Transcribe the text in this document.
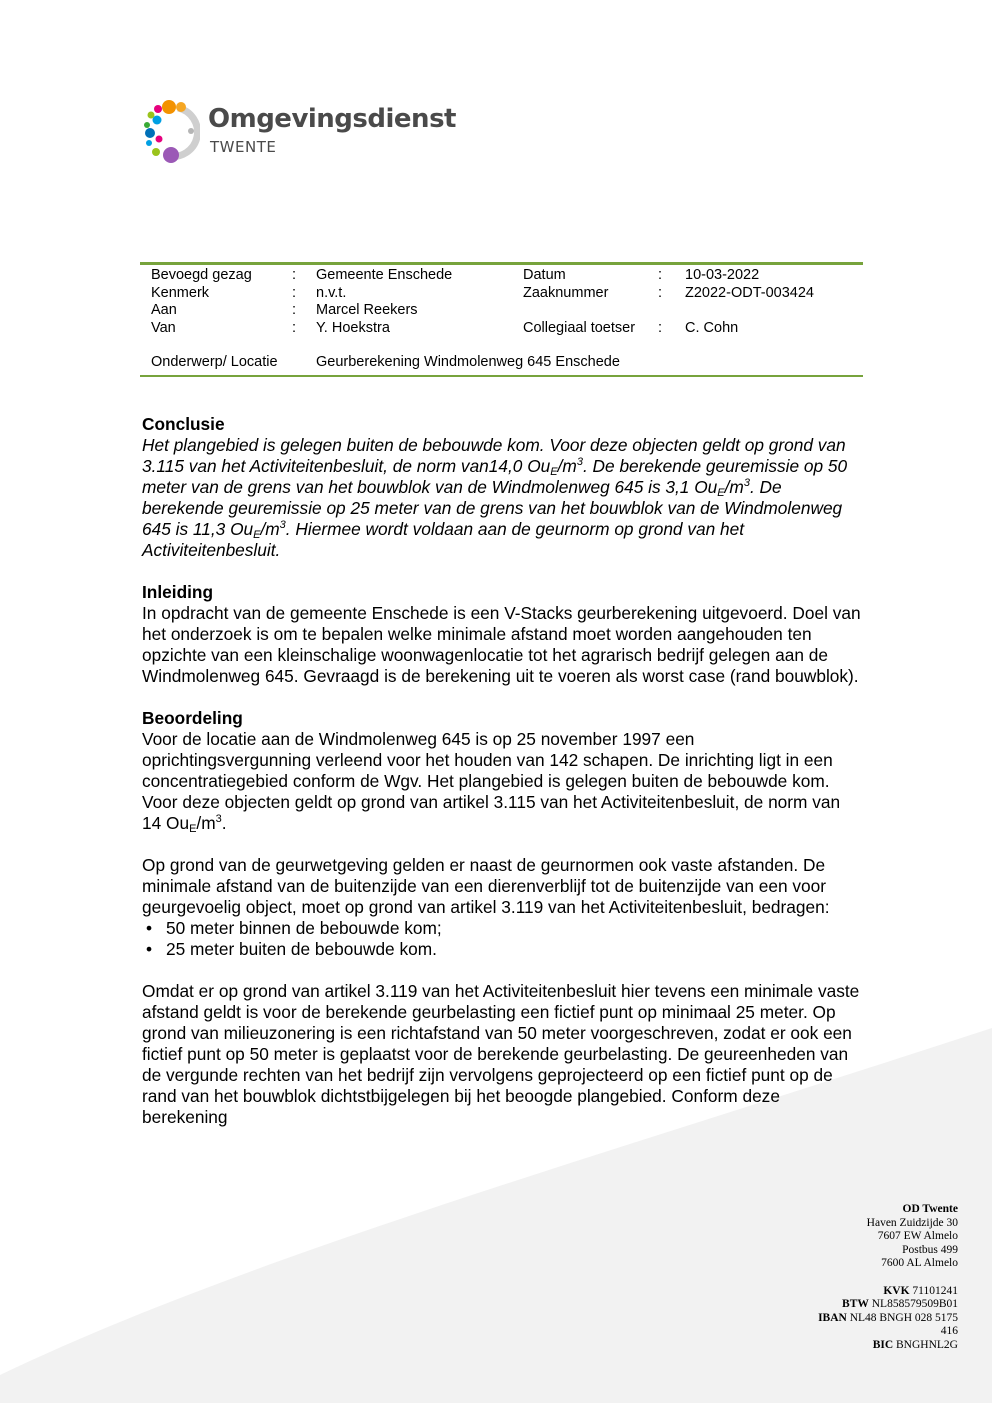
Omgevingsdienst
TWENTE
Bevoegd gezag	: Gemeente Enschede	Datum	: 10-03-2022
Kenmerk	: n.v.t.	Zaaknummer	: Z2022-ODT-003424
Aan	: Marcel Reekers
Van	: Y. Hoekstra	Collegiaal toetser : C. Cohn
Onderwerp/ Locatie	Geurberekening Windmolenweg 645 Enschede
Conclusie

Het plangebied is gelegen buiten de bebouwde kom. Voor deze objecten geldt op grond van 3.115 van het Activiteitenbesluit, de norm van14,0 $Ou_E/m^3$. De berekende geuremissie op 50 meter van de grens van het bouwblok van de Windmolenweg 645 is 3,1 $Ou_E/m^3$. De berekende geuremissie op 25 meter van de grens van het bouwblok van de Windmolenweg 645 is 11,3 $Ou_E/m^3$. Hiermee wordt voldaan aan de geurnorm op grond van het Activiteitenbesluit.

Inleiding

In opdracht van de gemeente Enschede is een V-Stacks geurberekening uitgevoerd. Doel van het onderzoek is om te bepalen welke minimale afstand moet worden aangehouden ten opzichte van een kleinschalige woonwagenlocatie tot het agrarisch bedrijf gelegen aan de Windmolenweg 645. Gevraagd is de berekening uit te voeren als worst case (rand bouwblok).

Beoordeling

Voor de locatie aan de Windmolenweg 645 is op 25 november 1997 een oprichtingsvergunning verleend voor het houden van 142 schapen. De inrichting ligt in een concentratiegebied conform de Wgv. Het plangebied is gelegen buiten de bebouwde kom. Voor deze objecten geldt op grond van artikel 3.115 van het Activiteitenbesluit, de norm van 14 $Ou_E/m^3$.

Op grond van de geurwetgeving gelden er naast de geurnormen ook vaste afstanden. De minimale afstand van de buitenzijde van een dierenverblijf tot de buitenzijde van een voor geurgevoelig object, moet op grond van artikel 3.119 van het Activiteitenbesluit, bedragen:

• 50 meter binnen de bebouwde kom;
• 25 meter buiten de bebouwde kom.

Omdat er op grond van artikel 3.119 van het Activiteitenbesluit hier tevens een minimale vaste afstand geldt is voor de berekende geurbelasting een fictief punt op minimaal 25 meter. Op grond van milieuzonering is een richtafstand van 50 meter voorgeschreven, zodat er ook een fictief punt op 50 meter is geplaatst voor de berekende geurbelasting. De geureenheden van de vergunde rechten van het bedrijf zijn vervolgens geprojecteerd op een fictief punt op de rand van het bouwblok dichtstbijgelegen bij het beoogde plangebied. Conform deze berekening

OD Twente
Haven Zuidzijde 30
7607 EW Almelo
Postbus 499
7600 AL Almelo
KVK 71101241
BTW NL858579509B01
IBAN NL48 BNGH 028 5175
416
BIC BNGHNL2G
